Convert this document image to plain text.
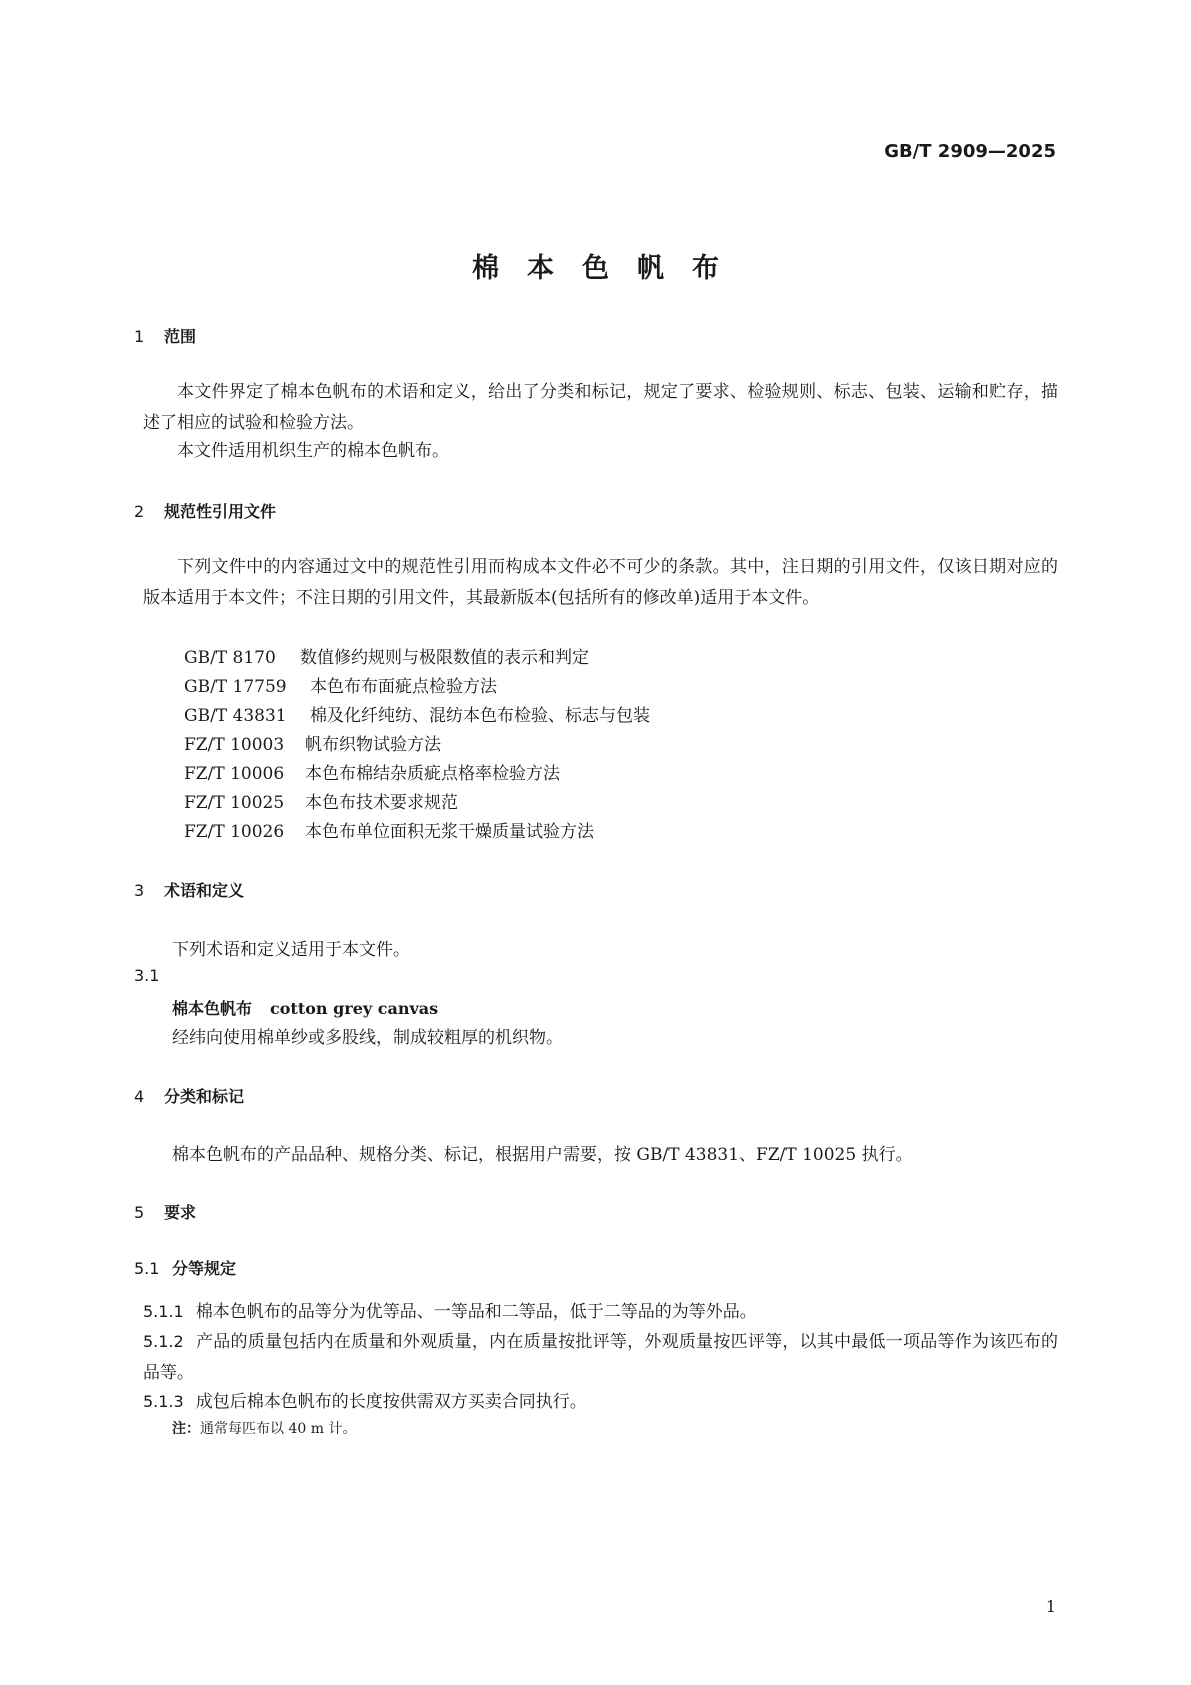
GB/T 2909—2025
棉本色帆布
1 范围
本文件界定了棉本色帆布的术语和定义，给出了分类和标记，规定了要求、检验规则、标志、包装、运输和贮存，描述了相应的试验和检验方法。
本文件适用机织生产的棉本色帆布。
2 规范性引用文件
下列文件中的内容通过文中的规范性引用而构成本文件必不可少的条款。其中，注日期的引用文件，仅该日期对应的版本适用于本文件；不注日期的引用文件，其最新版本(包括所有的修改单)适用于本文件。
GB/T 8170 数值修约规则与极限数值的表示和判定
GB/T 17759 本色布布面疵点检验方法
GB/T 43831 棉及化纤纯纺、混纺本色布检验、标志与包装
FZ/T 10003 帆布织物试验方法
FZ/T 10006 本色布棉结杂质疵点格率检验方法
FZ/T 10025 本色布技术要求规范
FZ/T 10026 本色布单位面积无浆干燥质量试验方法
3 术语和定义
下列术语和定义适用于本文件。
3.1
棉本色帆布 cotton grey canvas
经纬向使用棉单纱或多股线，制成较粗厚的机织物。
4 分类和标记
棉本色帆布的产品品种、规格分类、标记，根据用户需要，按 GB/T 43831、FZ/T 10025 执行。
5 要求
5.1 分等规定
5.1.1 棉本色帆布的品等分为优等品、一等品和二等品，低于二等品的为等外品。
5.1.2 产品的质量包括内在质量和外观质量，内在质量按批评等，外观质量按匹评等，以其中最低一项品等作为该匹布的品等。
5.1.3 成包后棉本色帆布的长度按供需双方买卖合同执行。
注：通常每匹布以 40 m 计。
1
